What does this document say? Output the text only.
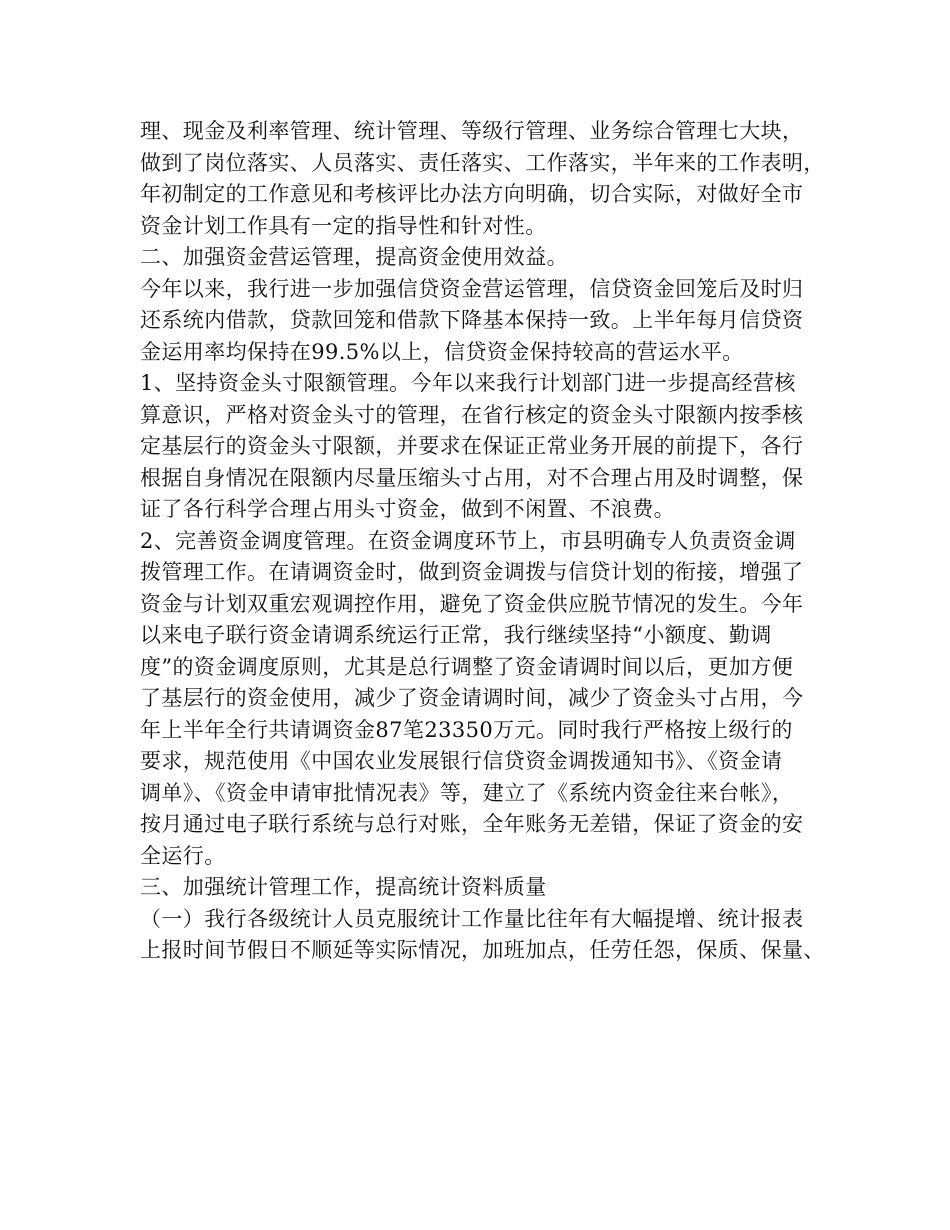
理、现金及利率管理、统计管理、等级行管理、业务综合管理七大块，
做到了岗位落实、人员落实、责任落实、工作落实，半年来的工作表明，
年初制定的工作意见和考核评比办法方向明确，切合实际，对做好全市
资金计划工作具有一定的指导性和针对性。
二、加强资金营运管理，提高资金使用效益。
今年以来，我行进一步加强信贷资金营运管理，信贷资金回笼后及时归
还系统内借款，贷款回笼和借款下降基本保持一致。上半年每月信贷资
金运用率均保持在99.5%以上，信贷资金保持较高的营运水平。
1、坚持资金头寸限额管理。今年以来我行计划部门进一步提高经营核
算意识，严格对资金头寸的管理，在省行核定的资金头寸限额内按季核
定基层行的资金头寸限额，并要求在保证正常业务开展的前提下，各行
根据自身情况在限额内尽量压缩头寸占用，对不合理占用及时调整，保
证了各行科学合理占用头寸资金，做到不闲置、不浪费。
2、完善资金调度管理。在资金调度环节上，市县明确专人负责资金调
拨管理工作。在请调资金时，做到资金调拨与信贷计划的衔接，增强了
资金与计划双重宏观调控作用，避免了资金供应脱节情况的发生。今年
以来电子联行资金请调系统运行正常，我行继续坚持“小额度、勤调
度”的资金调度原则，尤其是总行调整了资金请调时间以后，更加方便
了基层行的资金使用，减少了资金请调时间，减少了资金头寸占用，今
年上半年全行共请调资金87笔23350万元。同时我行严格按上级行的
要求，规范使用《中国农业发展银行信贷资金调拨通知书》、《资金请
调单》、《资金申请审批情况表》等，建立了《系统内资金往来台帐》，
按月通过电子联行系统与总行对账，全年账务无差错，保证了资金的安
全运行。
三、加强统计管理工作，提高统计资料质量
（一）我行各级统计人员克服统计工作量比往年有大幅提增、统计报表
上报时间节假日不顺延等实际情况，加班加点，任劳任怨，保质、保量、
